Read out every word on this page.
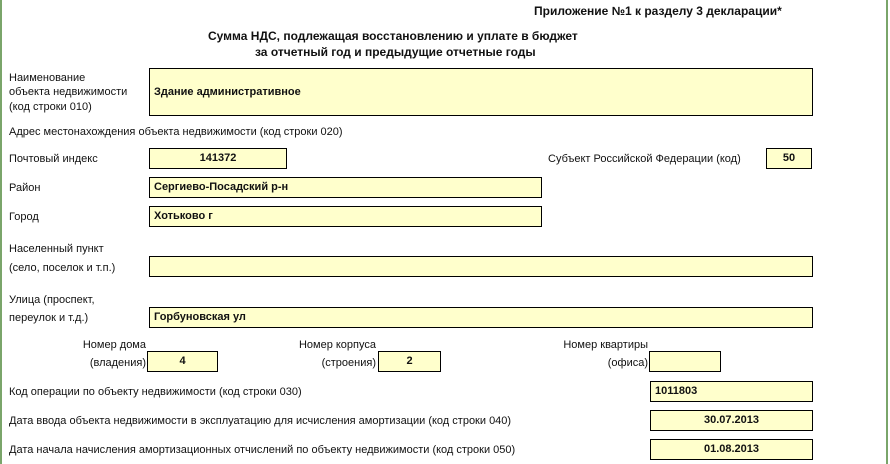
Приложение №1 к разделу 3 декларации*
Сумма НДС, подлежащая восстановлению и уплате в бюджет
за отчетный год и предыдущие отчетные годы
Наименование
объекта недвижимости
(код строки 010)
Здание административное
Адрес местонахождения объекта недвижимости (код строки 020)
Почтовый индекс	141372	Субъект Российской Федерации (код)	50
Район	Сергиево-Посадский р-н
Город	Хотьково г
Населенный пункт
(село, поселок и т.п.)
Улица (проспект,
переулок и т.д.)	Горбуновская ул
Номер дома
(владения)	4
Номер корпуса
(строения)	2
Номер квартиры
(офиса)
Код операции по объекту недвижимости (код строки 030)	1011803
Дата ввода объекта недвижимости в эксплуатацию для исчисления амортизации (код строки 040)	30.07.2013
Дата начала начисления амортизационных отчислений по объекту недвижимости (код строки 050)	01.08.2013
